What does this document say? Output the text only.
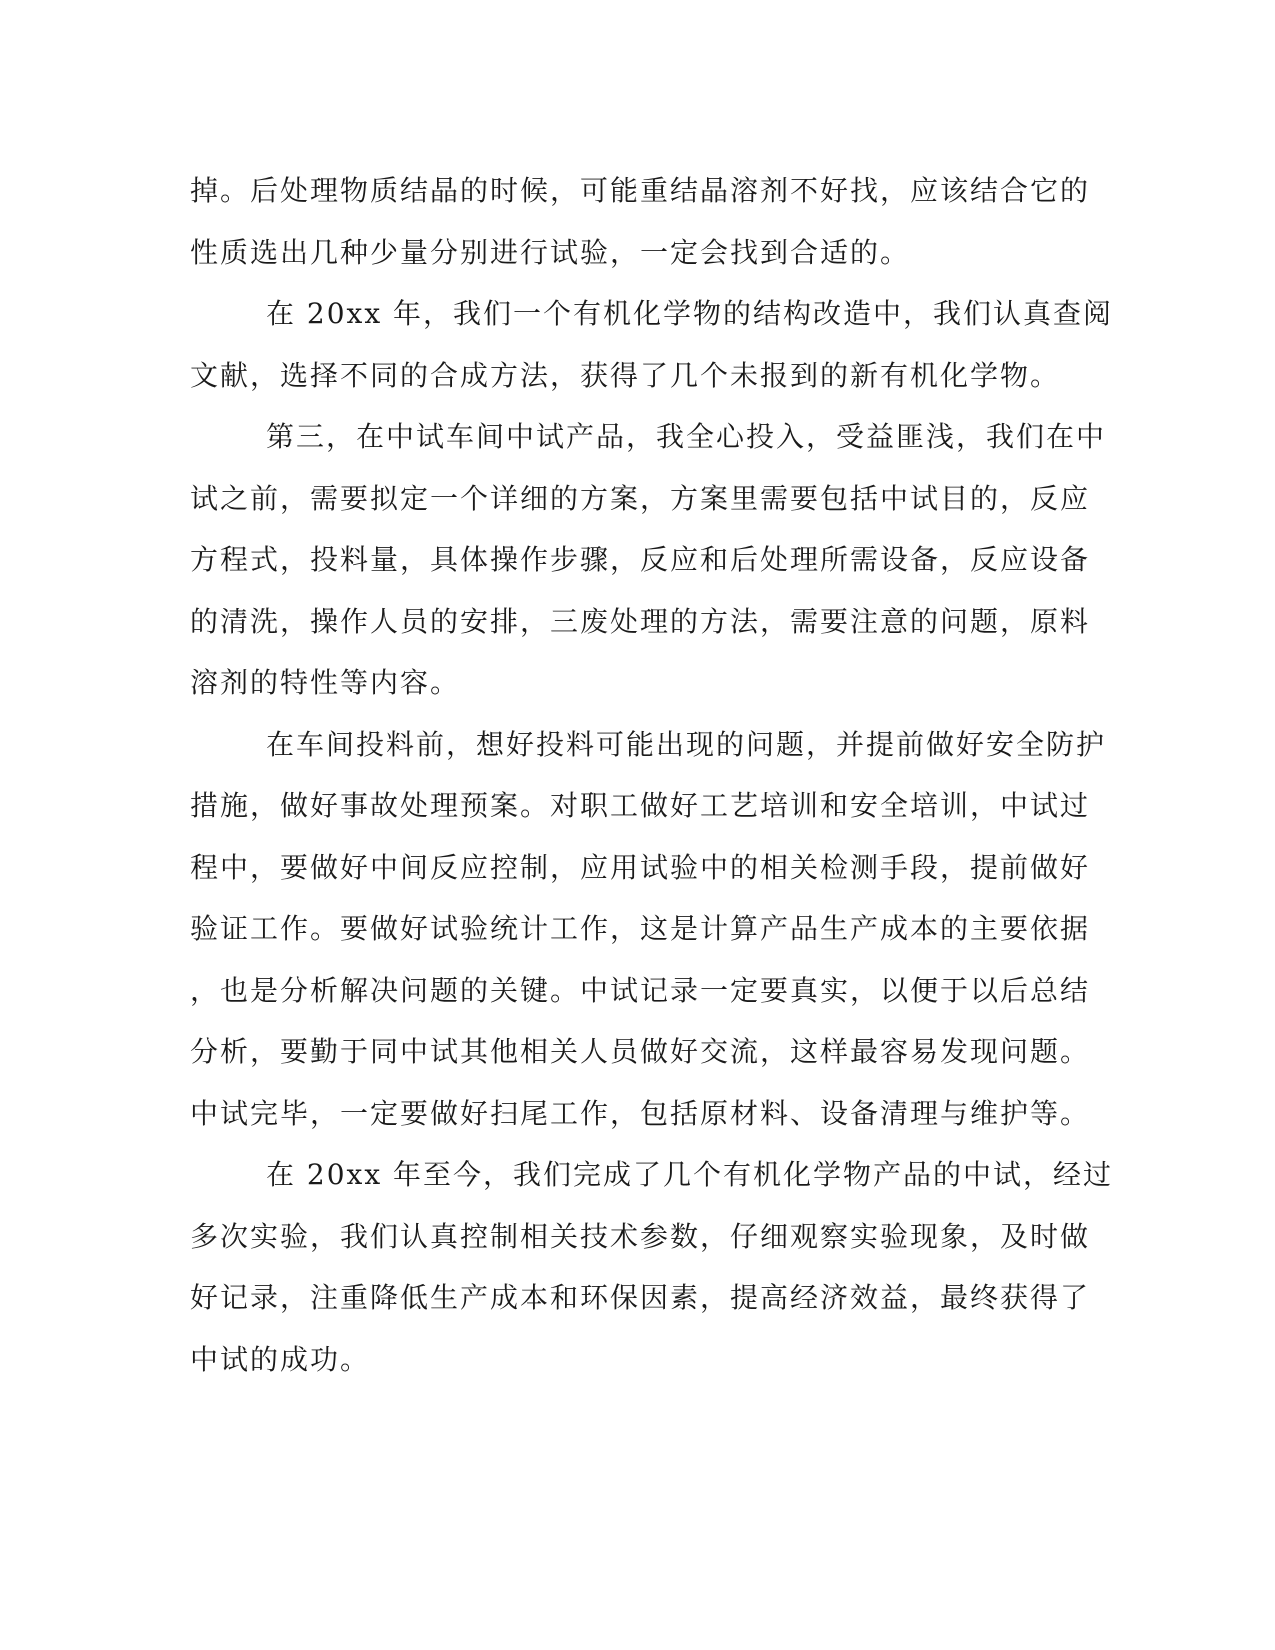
掉。后处理物质结晶的时候，可能重结晶溶剂不好找，应该结合它的
性质选出几种少量分别进行试验，一定会找到合适的。
在 20xx 年，我们一个有机化学物的结构改造中，我们认真查阅
文献，选择不同的合成方法，获得了几个未报到的新有机化学物。
第三，在中试车间中试产品，我全心投入，受益匪浅，我们在中
试之前，需要拟定一个详细的方案，方案里需要包括中试目的，反应
方程式，投料量，具体操作步骤，反应和后处理所需设备，反应设备
的清洗，操作人员的安排，三废处理的方法，需要注意的问题，原料
溶剂的特性等内容。
在车间投料前，想好投料可能出现的问题，并提前做好安全防护
措施，做好事故处理预案。对职工做好工艺培训和安全培训，中试过
程中，要做好中间反应控制，应用试验中的相关检测手段，提前做好
验证工作。要做好试验统计工作，这是计算产品生产成本的主要依据
，也是分析解决问题的关键。中试记录一定要真实，以便于以后总结
分析，要勤于同中试其他相关人员做好交流，这样最容易发现问题。
中试完毕，一定要做好扫尾工作，包括原材料、设备清理与维护等。
在 20xx 年至今，我们完成了几个有机化学物产品的中试，经过
多次实验，我们认真控制相关技术参数，仔细观察实验现象，及时做
好记录，注重降低生产成本和环保因素，提高经济效益，最终获得了
中试的成功。
